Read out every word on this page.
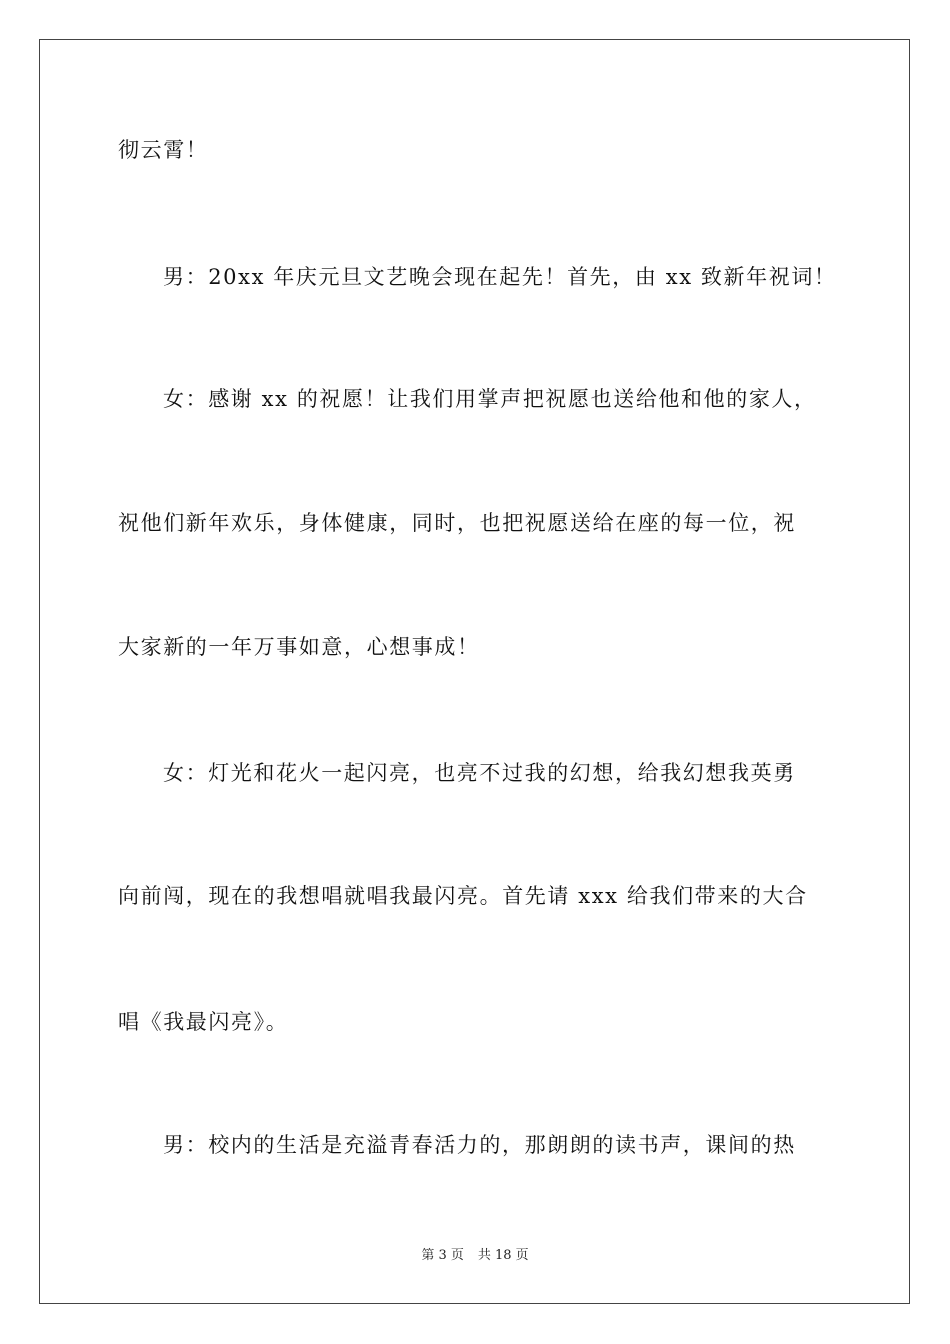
彻云霄！
男：20xx 年庆元旦文艺晚会现在起先！首先，由 xx 致新年祝词！
女：感谢 xx 的祝愿！让我们用掌声把祝愿也送给他和他的家人，
祝他们新年欢乐，身体健康，同时，也把祝愿送给在座的每一位，祝
大家新的一年万事如意，心想事成！
女：灯光和花火一起闪亮，也亮不过我的幻想，给我幻想我英勇
向前闯，现在的我想唱就唱我最闪亮。首先请 xxx 给我们带来的大合
唱《我最闪亮》。
男：校内的生活是充溢青春活力的，那朗朗的读书声，课间的热
第 3 页 共 18 页
